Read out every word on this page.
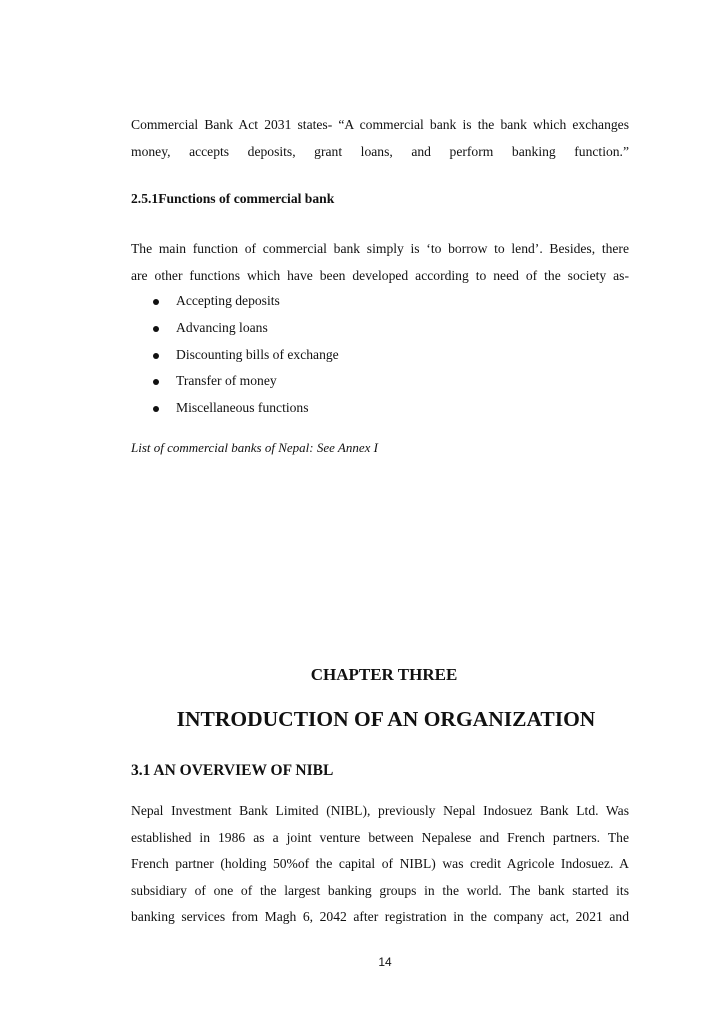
Commercial Bank Act 2031 states- “A commercial bank is the bank which exchanges
money, accepts deposits, grant loans, and perform banking function.”
2.5.1Functions of commercial bank
The main function of commercial bank simply is ‘to borrow to lend’. Besides, there
are other functions which have been developed according to need of the society as-
Accepting deposits
Advancing loans
Discounting bills of exchange
Transfer of money
Miscellaneous functions
List of commercial banks of Nepal: See Annex I
CHAPTER THREE
INTRODUCTION OF AN ORGANIZATION
3.1 AN OVERVIEW OF NIBL
Nepal Investment Bank Limited (NIBL), previously Nepal Indosuez Bank Ltd. Was
established in 1986 as a joint venture between Nepalese and French partners. The
French partner (holding 50%of the capital of NIBL) was credit Agricole Indosuez. A
subsidiary of one of the largest banking groups in the world. The bank started its
banking services from Magh 6, 2042 after registration in the company act, 2021 and
14
